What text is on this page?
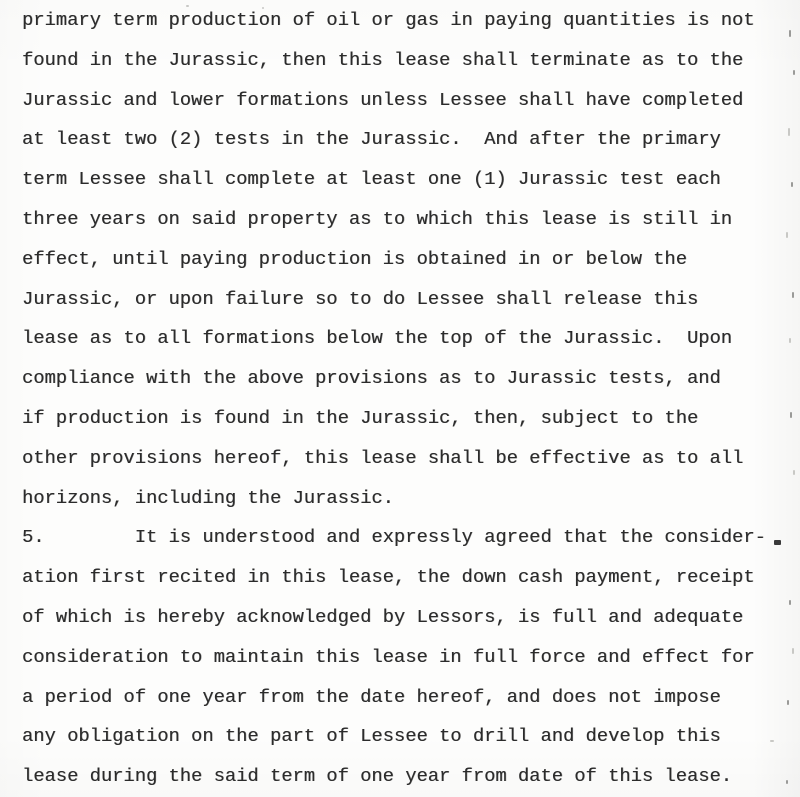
primary term production of oil or gas in paying quantities is not
found in the Jurassic, then this lease shall terminate as to the
Jurassic and lower formations unless Lessee shall have completed
at least two (2) tests in the Jurassic.  And after the primary
term Lessee shall complete at least one (1) Jurassic test each
three years on said property as to which this lease is still in
effect, until paying production is obtained in or below the
Jurassic, or upon failure so to do Lessee shall release this
lease as to all formations below the top of the Jurassic.  Upon
compliance with the above provisions as to Jurassic tests, and
if production is found in the Jurassic, then, subject to the
other provisions hereof, this lease shall be effective as to all
horizons, including the Jurassic.
5.        It is understood and expressly agreed that the consider-
ation first recited in this lease, the down cash payment, receipt
of which is hereby acknowledged by Lessors, is full and adequate
consideration to maintain this lease in full force and effect for
a period of one year from the date hereof, and does not impose
any obligation on the part of Lessee to drill and develop this
lease during the said term of one year from date of this lease.
